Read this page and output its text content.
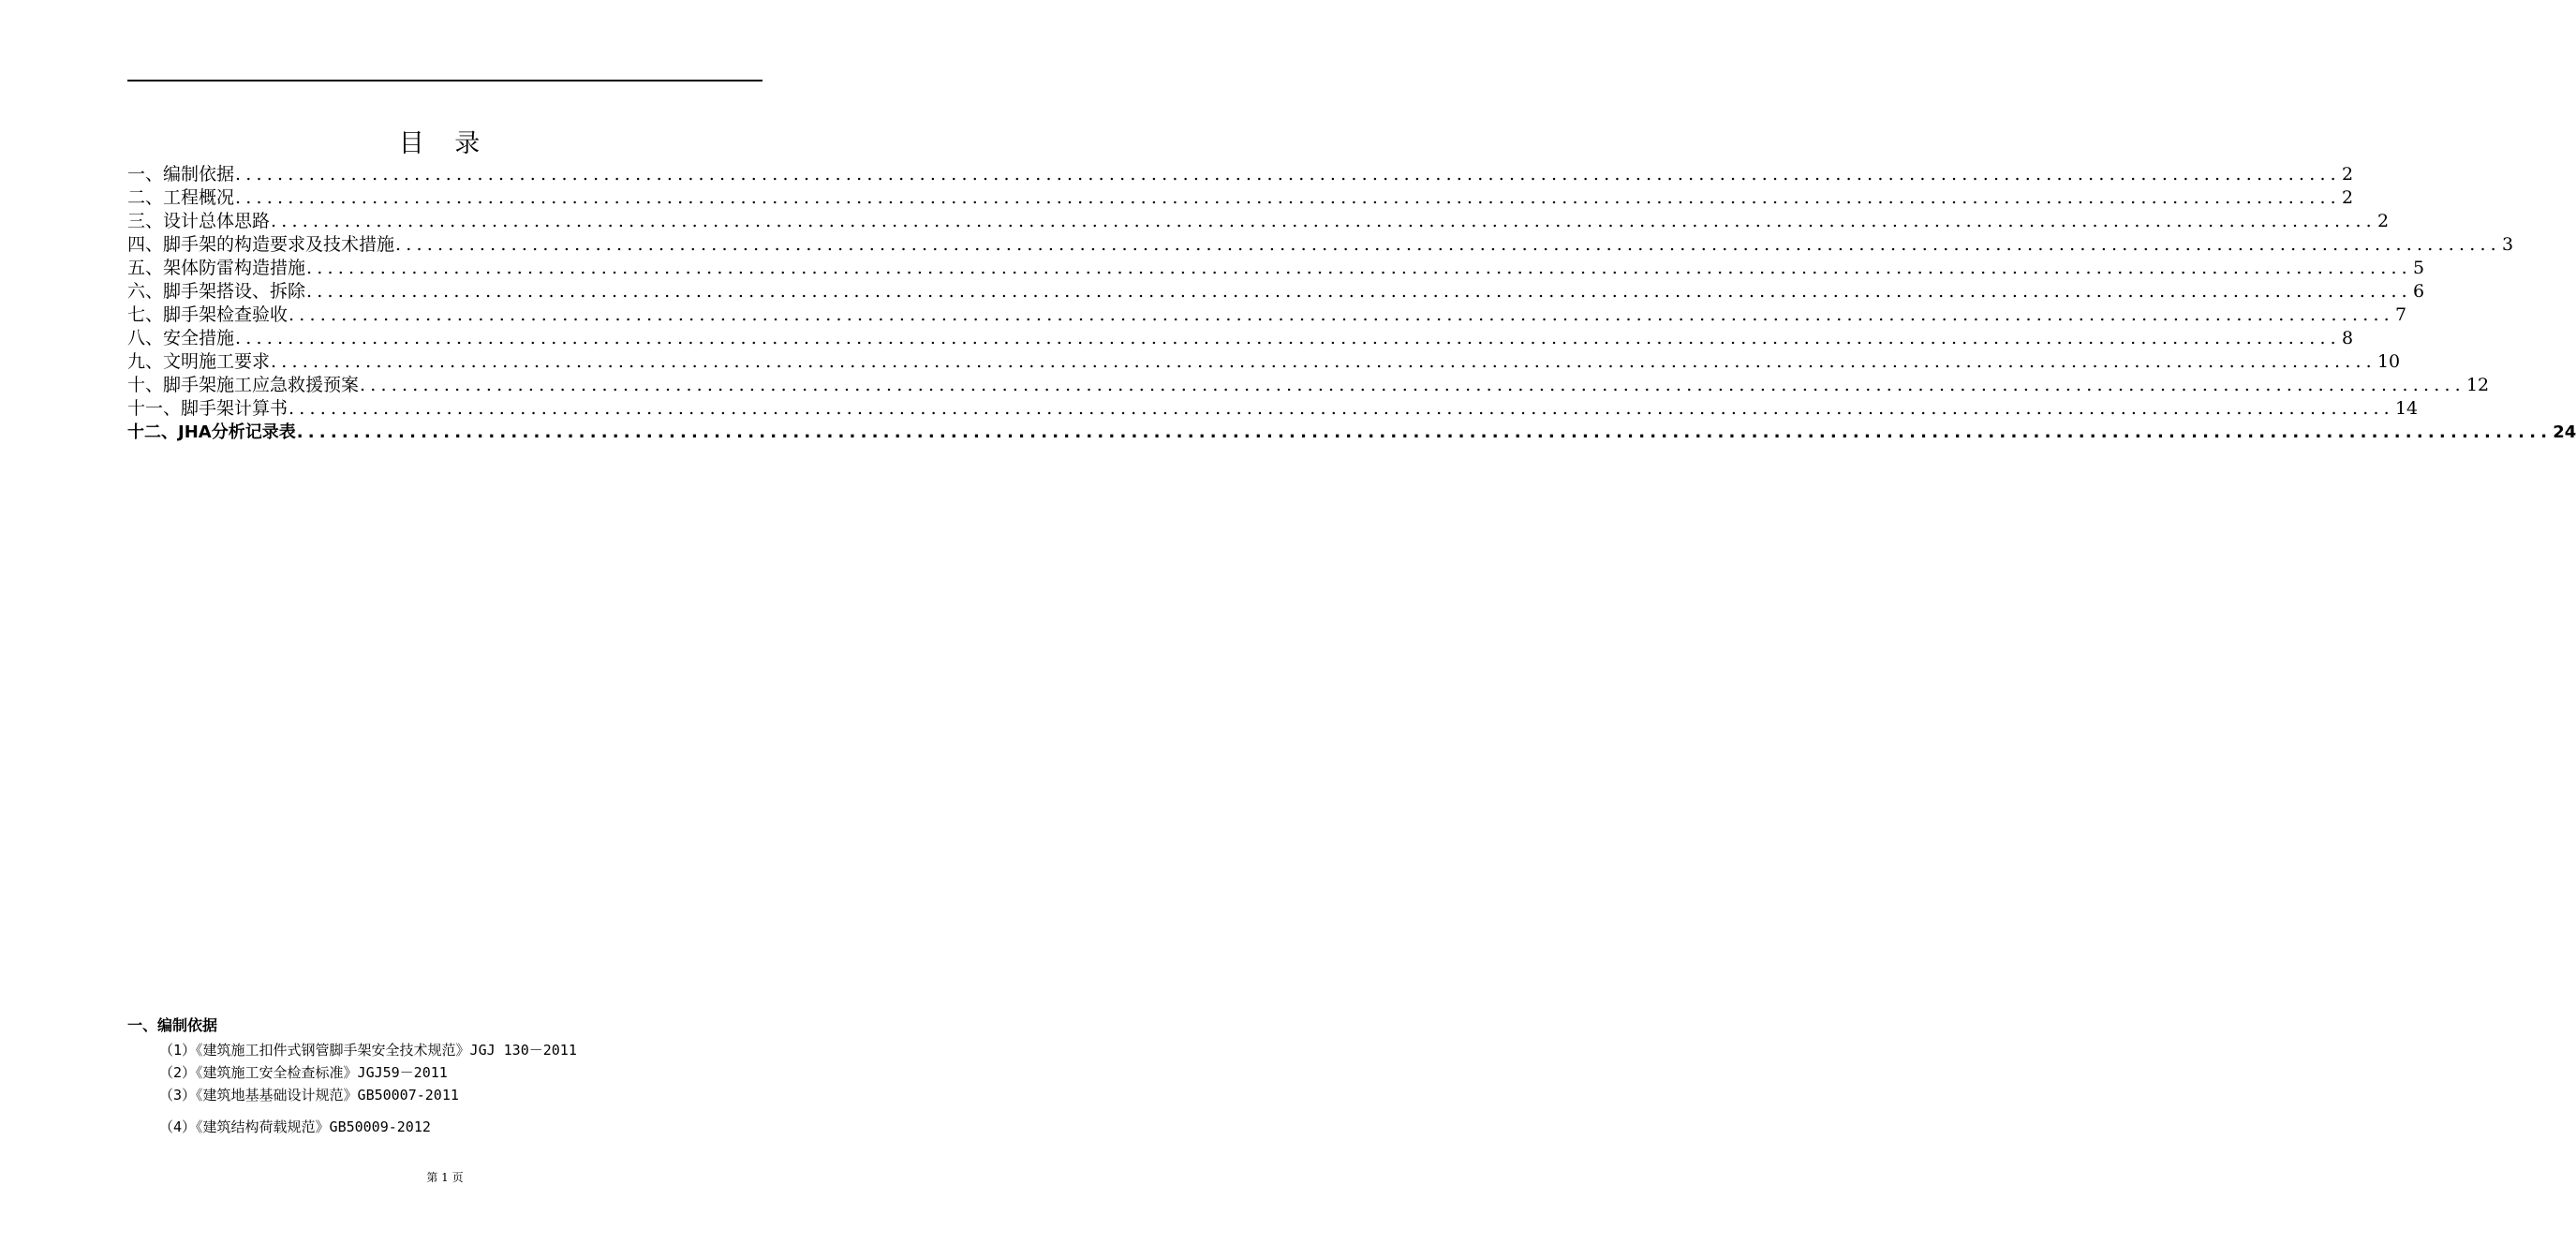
目 录
一、编制依据 ........................................................................................................................................................................................................ 2
二、工程概况 ........................................................................................................................................................................................................ 2
三、设计总体思路 ........................................................................................................................................................................................................ 2
四、脚手架的构造要求及技术措施 ........................................................................................................................................................................................................ 3
五、架体防雷构造措施 ........................................................................................................................................................................................................ 5
六、脚手架搭设、拆除 ........................................................................................................................................................................................................ 6
七、脚手架检查验收 ........................................................................................................................................................................................................ 7
八、安全措施 ........................................................................................................................................................................................................ 8
九、文明施工要求 ........................................................................................................................................................................................................ 10
十、脚手架施工应急救援预案 ........................................................................................................................................................................................................ 12
十一、脚手架计算书 ........................................................................................................................................................................................................ 14
十二、JHA分析记录表 ........................................................................................................................................................................................................ 24
一、编制依据
（1）《建筑施工扣件式钢管脚手架安全技术规范》JGJ 130－2011
（2）《建筑施工安全检查标准》JGJ59－2011
（3）《建筑地基基础设计规范》GB50007-2011
（4）《建筑结构荷载规范》GB50009-2012
第 1 页
